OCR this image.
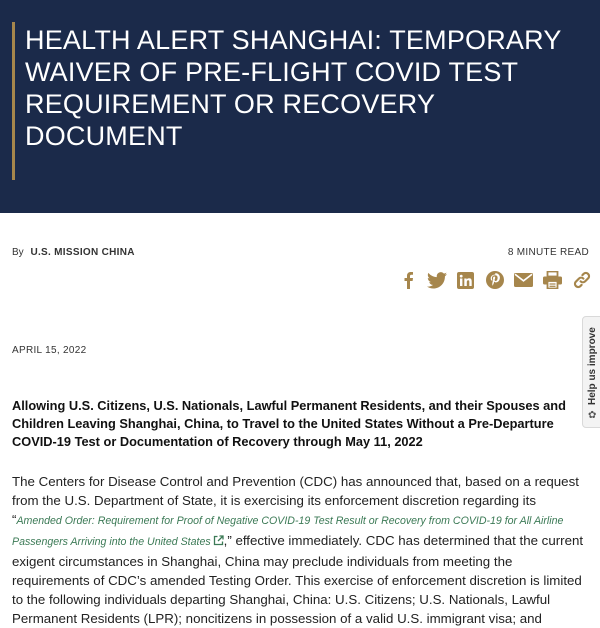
HEALTH ALERT SHANGHAI: TEMPORARY WAIVER OF PRE-FLIGHT COVID TEST REQUIREMENT OR RECOVERY DOCUMENT
By U.S. MISSION CHINA	8 MINUTE READ
APRIL 15, 2022	Help us improve
✿

Allowing U.S. Citizens, U.S. Nationals, Lawful Permanent Residents, and their Spouses and Children Leaving Shanghai, China, to Travel to the United States Without a Pre-Departure COVID-19 Test or Documentation of Recovery through May 11, 2022

The Centers for Disease Control and Prevention (CDC) has announced that, based on a request from the U.S. Department of State, it is exercising its enforcement discretion regarding its “Amended Order: Requirement for Proof of Negative COVID-19 Test Result or Recovery from COVID-19 for All Airline Passengers Arriving into the United States ,” effective immediately. CDC has determined that the current exigent circumstances in Shanghai, China may preclude individuals from meeting the requirements of CDC’s amended Testing Order. This exercise of enforcement discretion is limited to the following individuals departing Shanghai, China: U.S. Citizens; U.S. Nationals, Lawful Permanent Residents (LPR); noncitizens in possession of a valid U.S. immigrant visa; and
